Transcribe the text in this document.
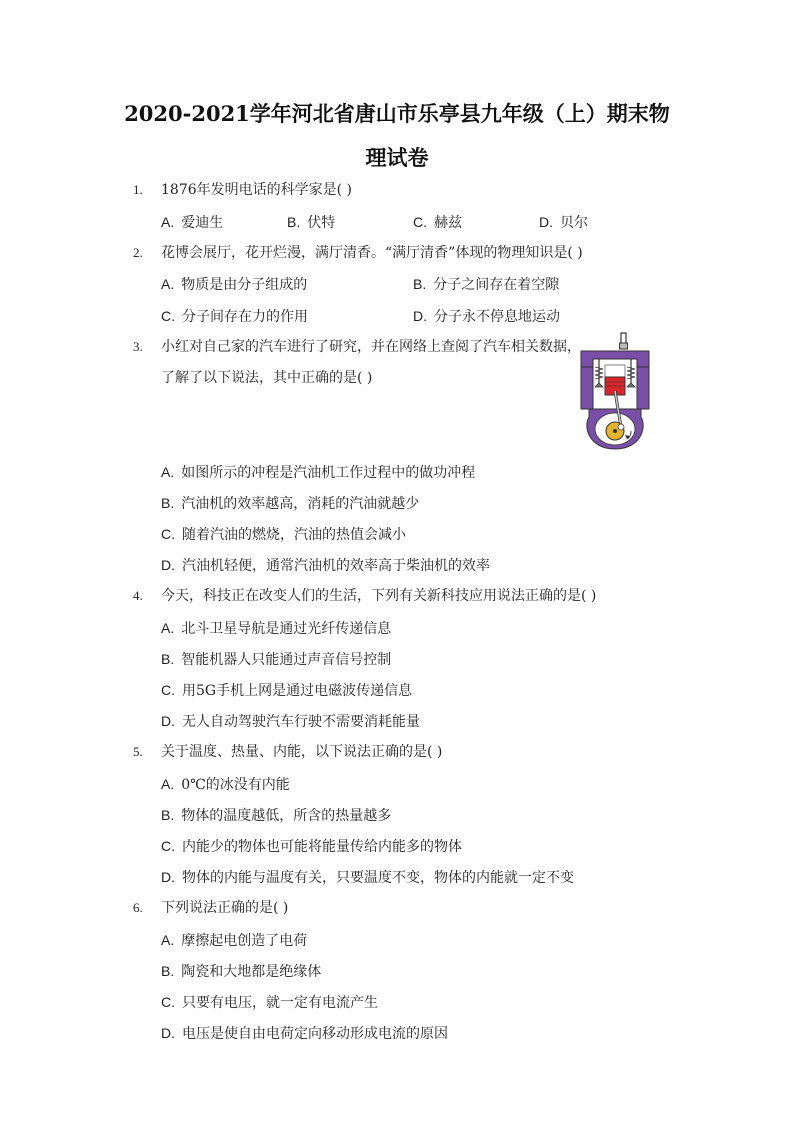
2020-2021学年河北省唐山市乐亭县九年级（上）期末物
理试卷
1. 1876年发明电话的科学家是( )
A. 爱迪生	B. 伏特	C. 赫兹	D. 贝尔
2. 花博会展厅，花开烂漫，满厅清香。“满厅清香”体现的物理知识是( )
A. 物质是由分子组成的	B. 分子之间存在着空隙
C. 分子间存在力的作用	D. 分子永不停息地运动
3. 小红对自己家的汽车进行了研究，并在网络上查阅了汽车相关数据，
了解了以下说法，其中正确的是( )
A. 如图所示的冲程是汽油机工作过程中的做功冲程
B. 汽油机的效率越高，消耗的汽油就越少
C. 随着汽油的燃烧，汽油的热值会减小
D. 汽油机轻便，通常汽油机的效率高于柴油机的效率
4. 今天，科技正在改变人们的生活，下列有关新科技应用说法正确的是( )
A. 北斗卫星导航是通过光纤传递信息
B. 智能机器人只能通过声音信号控制
C. 用5G手机上网是通过电磁波传递信息
D. 无人自动驾驶汽车行驶不需要消耗能量
5. 关于温度、热量、内能，以下说法正确的是( )
A. 0℃的冰没有内能
B. 物体的温度越低，所含的热量越多
C. 内能少的物体也可能将能量传给内能多的物体
D. 物体的内能与温度有关，只要温度不变，物体的内能就一定不变
6. 下列说法正确的是( )
A. 摩擦起电创造了电荷
B. 陶瓷和大地都是绝缘体
C. 只要有电压，就一定有电流产生
D. 电压是使自由电荷定向移动形成电流的原因
